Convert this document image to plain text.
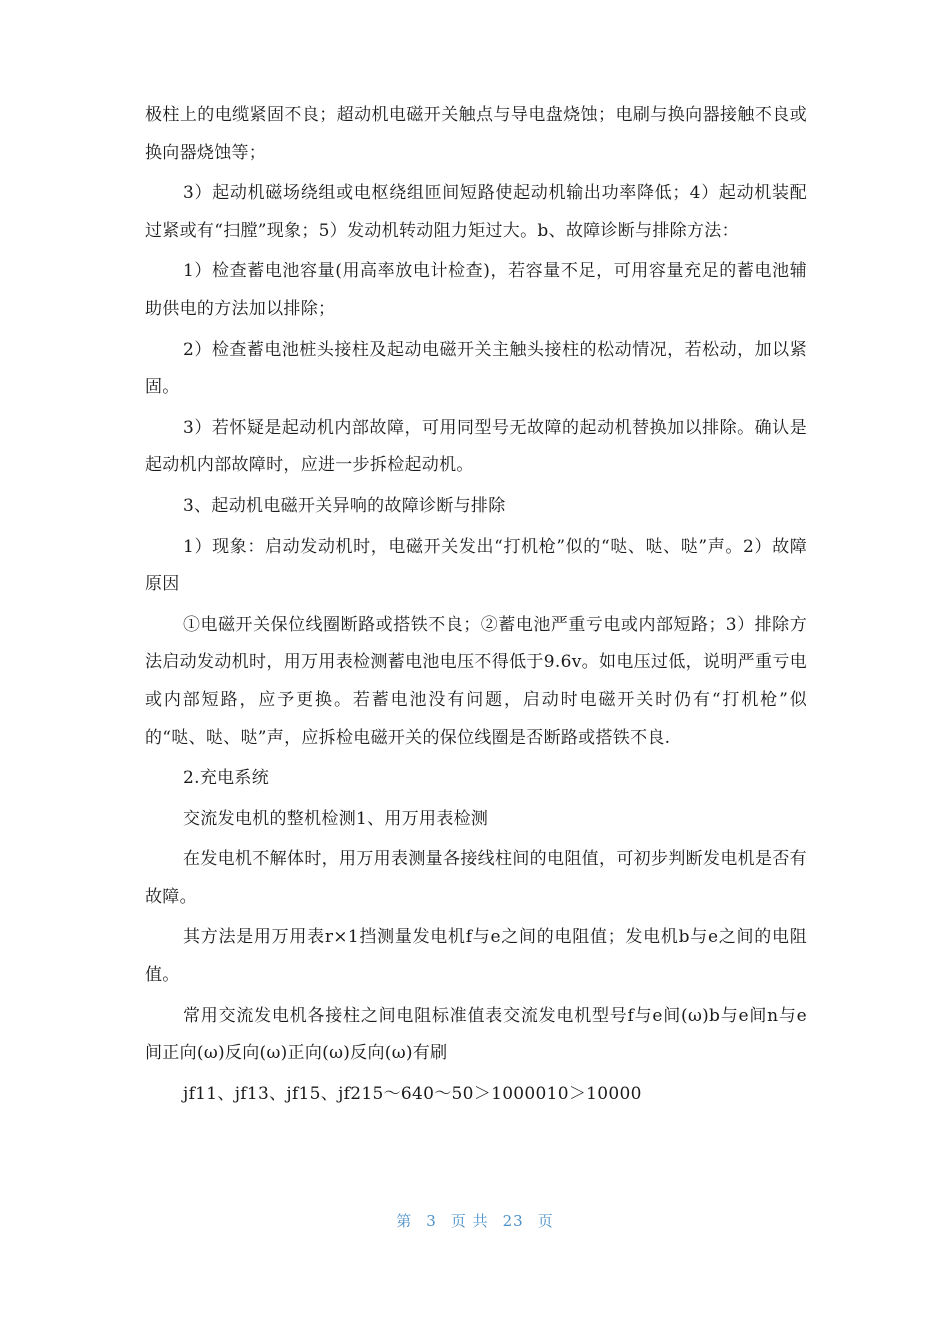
极柱上的电缆紧固不良；超动机电磁开关触点与导电盘烧蚀；电刷与换向器接触不良或换向器烧蚀等；

3）起动机磁场绕组或电枢绕组匝间短路使起动机输出功率降低；4）起动机装配过紧或有“扫膛”现象；5）发动机转动阻力矩过大。b、故障诊断与排除方法：

1）检查蓄电池容量(用高率放电计检查)，若容量不足，可用容量充足的蓄电池辅助供电的方法加以排除；

2）检查蓄电池桩头接柱及起动电磁开关主触头接柱的松动情况，若松动，加以紧固。

3）若怀疑是起动机内部故障，可用同型号无故障的起动机替换加以排除。确认是起动机内部故障时，应进一步拆检起动机。

3、起动机电磁开关异响的故障诊断与排除

1）现象：启动发动机时，电磁开关发出“打机枪”似的“哒、哒、哒”声。2）故障原因

①电磁开关保位线圈断路或搭铁不良；②蓄电池严重亏电或内部短路；3）排除方法启动发动机时，用万用表检测蓄电池电压不得低于9.6v。如电压过低，说明严重亏电或内部短路，应予更换。若蓄电池没有问题，启动时电磁开关时仍有“打机枪”似的“哒、哒、哒”声，应拆检电磁开关的保位线圈是否断路或搭铁不良.

2.充电系统

交流发电机的整机检测1、用万用表检测

在发电机不解体时，用万用表测量各接线柱间的电阻值，可初步判断发电机是否有故障。

其方法是用万用表r×1挡测量发电机f与e之间的电阻值；发电机b与e之间的电阻值。

常用交流发电机各接柱之间电阻标准值表交流发电机型号f与e间(ω)b与e间n与e间正向(ω)反向(ω)正向(ω)反向(ω)有刷

jf11、jf13、jf15、jf215～640～50＞1000010＞10000

第 3 页 共 23 页
